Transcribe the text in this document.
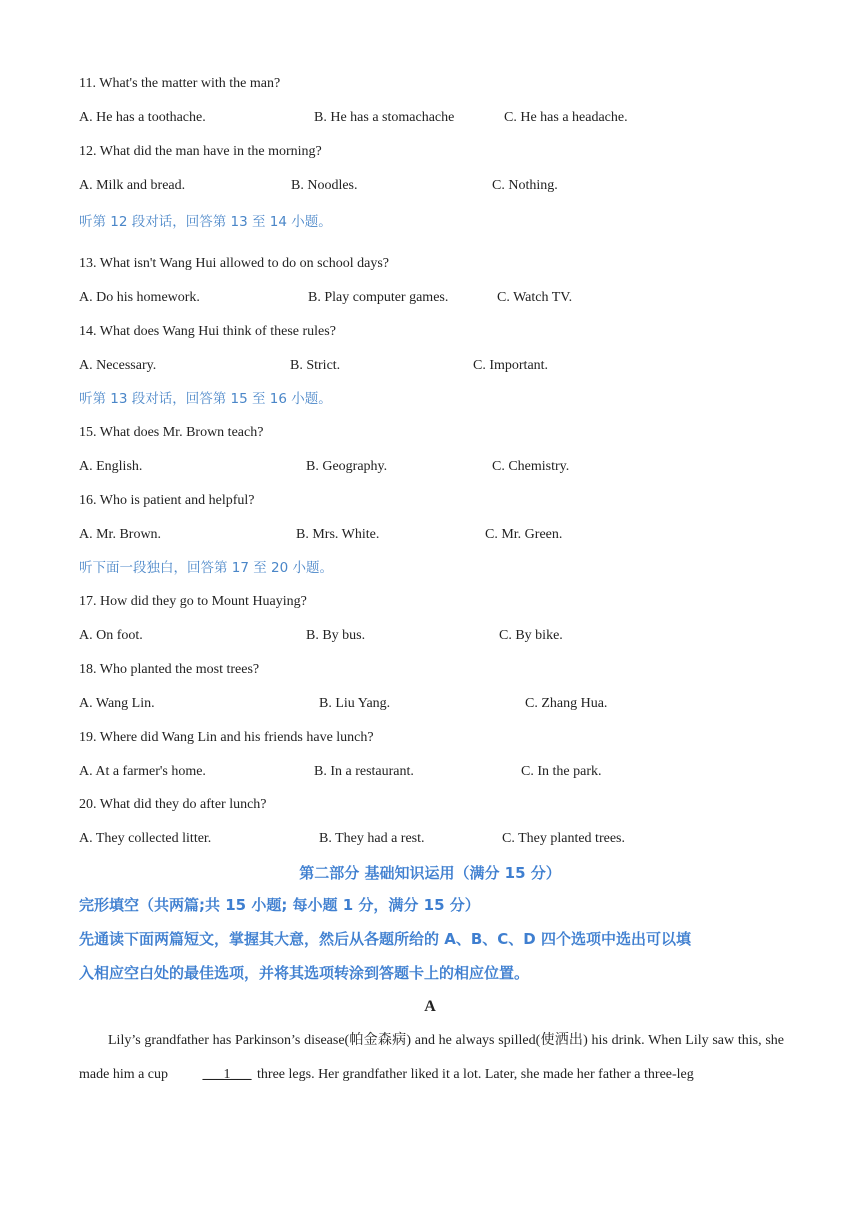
11. What's the matter with the man?
A. He has a toothache.	B. He has a stomachache	C. He has a headache.
12. What did the man have in the morning?
A. Milk and bread.	B. Noodles.	C. Nothing.
听第 12 段对话，回答第 13 至 14 小题。
13. What isn't Wang Hui allowed to do on school days?
A. Do his homework.	B. Play computer games.	C. Watch TV.
14. What does Wang Hui think of these rules?
A. Necessary.	B. Strict.	C. Important.
听第 13 段对话，回答第 15 至 16 小题。
15. What does Mr. Brown teach?
A. English.	B. Geography.	C. Chemistry.
16. Who is patient and helpful?
A. Mr. Brown.	B. Mrs. White.	C. Mr. Green.
听下面一段独白，回答第 17 至 20 小题。
17. How did they go to Mount Huaying?
A. On foot.	B. By bus.	C. By bike.
18. Who planted the most trees?
A. Wang Lin.	B. Liu Yang.	C. Zhang Hua.
19. Where did Wang Lin and his friends have lunch?
A. At a farmer's home.	B. In a restaurant.	C. In the park.
20. What did they do after lunch?
A. They collected litter.	B. They had a rest.	C. They planted trees.
第二部分 基础知识运用（满分 15 分）
完形填空（共两篇;共 15 小题; 每小题 1 分，满分 15 分）
先通读下面两篇短文，掌握其大意，然后从各题所给的 A、B、C、D 四个选项中选出可以填
入相应空白处的最佳选项，并将其选项转涂到答题卡上的相应位置。
A
Lily’s grandfather has Parkinson’s disease(帕金森病) and he always spilled(使洒出) his drink. When Lily saw this, she made him a cup ___1___ three legs. Her grandfather liked it a lot. Later, she made her father a three-leg
